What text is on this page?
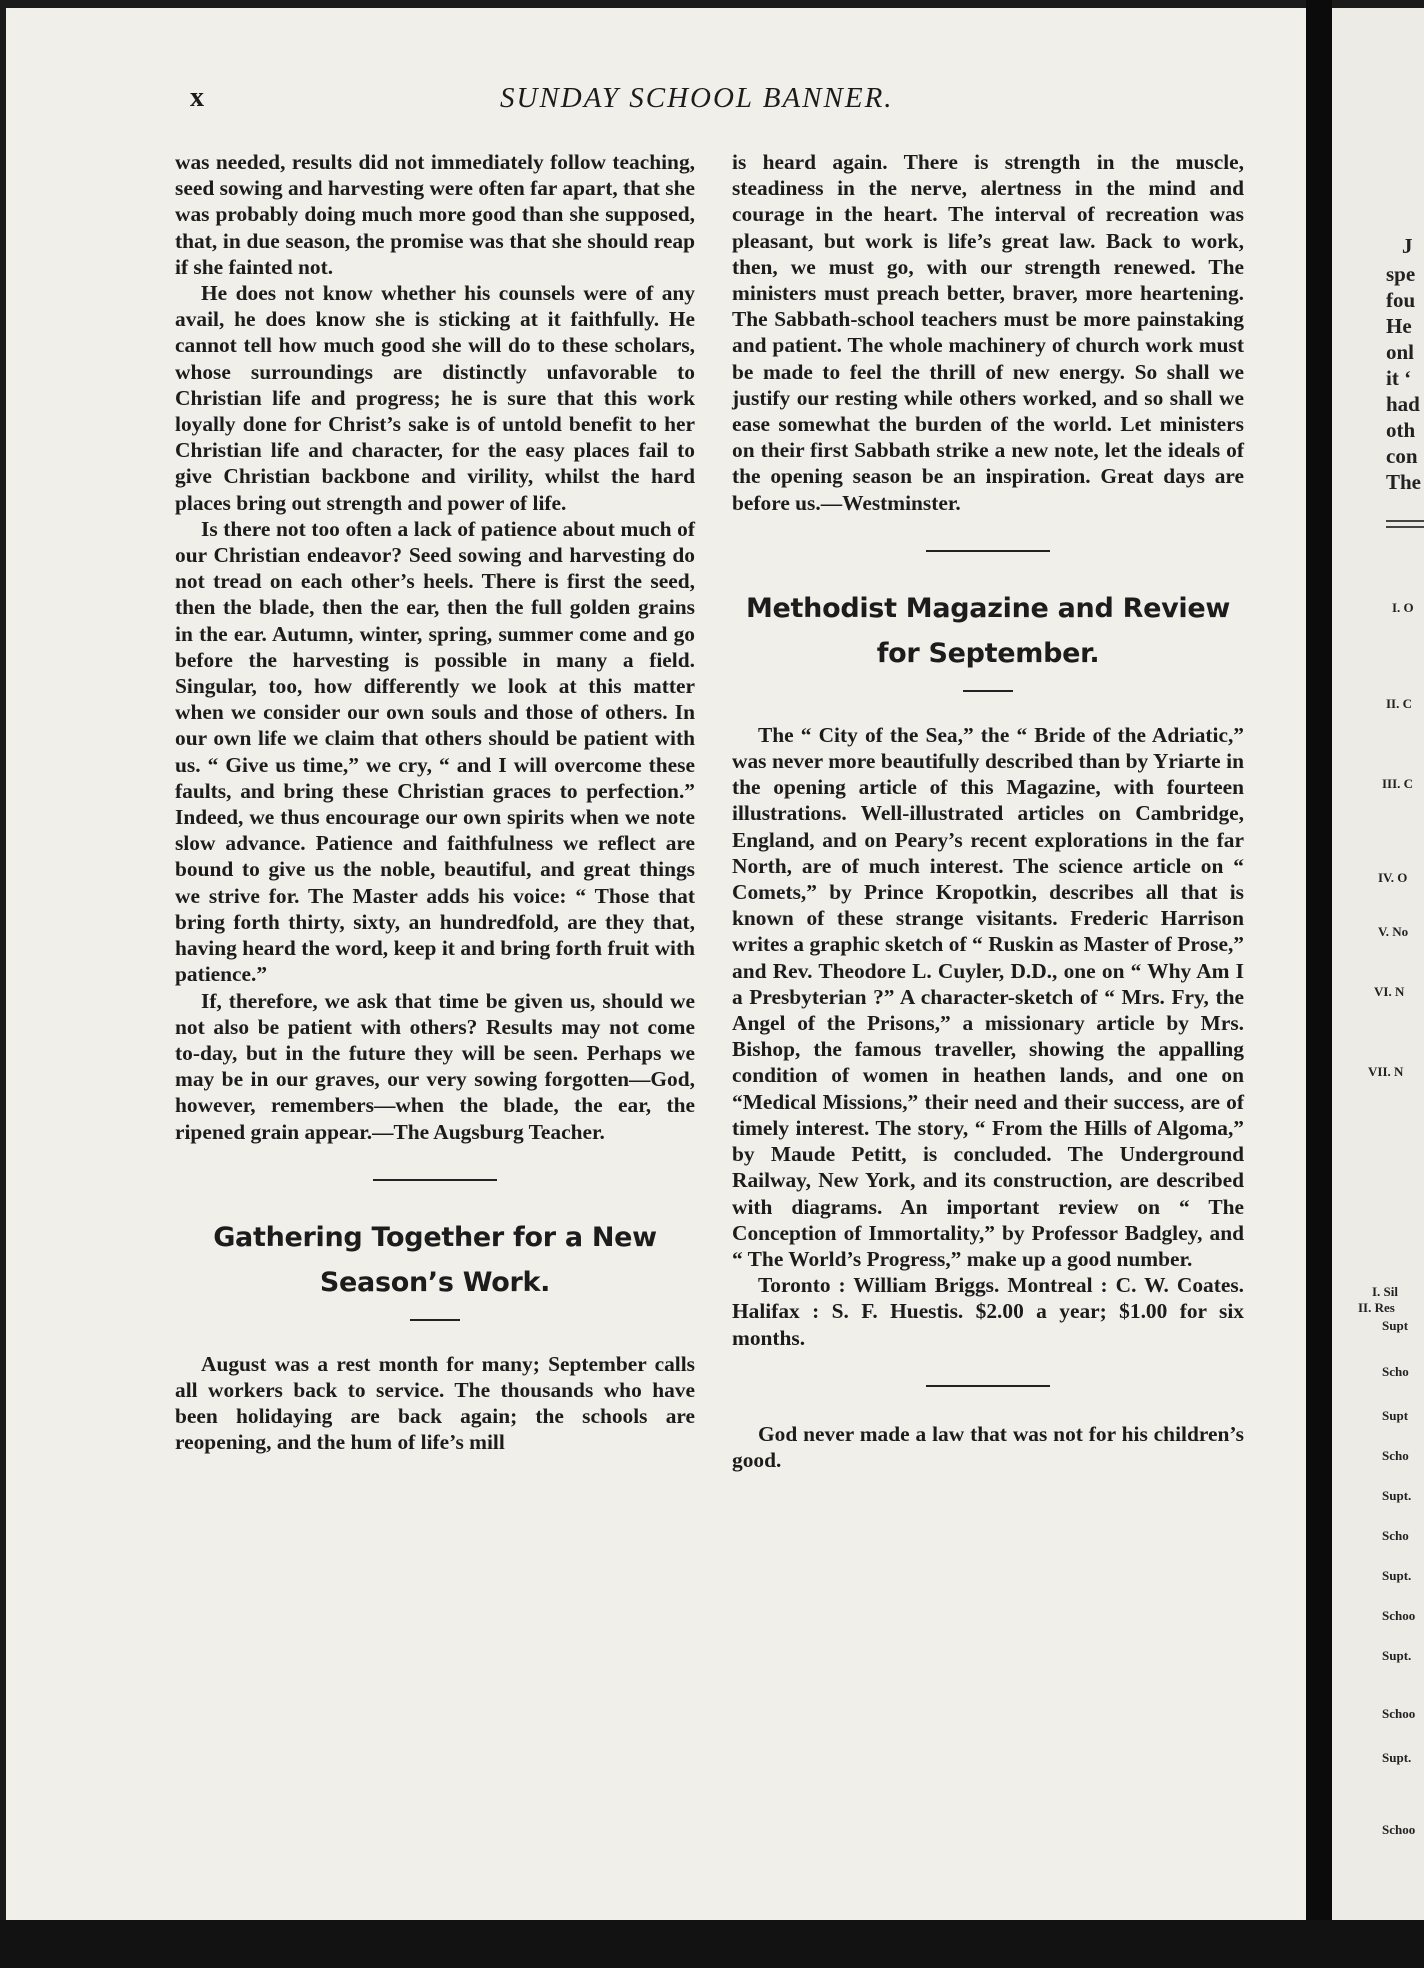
x	SUNDAY SCHOOL BANNER.

was needed, results did not immediately follow teaching, seed sowing and harvesting were often far apart, that she was probably doing much more good than she supposed, that, in due season, the promise was that she should reap if she fainted not.

He does not know whether his counsels were of any avail, he does know she is sticking at it faithfully. He cannot tell how much good she will do to these scholars, whose surroundings are distinctly unfavorable to Christian life and progress; he is sure that this work loyally done for Christ’s sake is of untold benefit to her Christian life and character, for the easy places fail to give Christian backbone and virility, whilst the hard places bring out strength and power of life.

Is there not too often a lack of patience about much of our Christian endeavor? Seed sowing and harvesting do not tread on each other’s heels. There is first the seed, then the blade, then the ear, then the full golden grains in the ear. Autumn, winter, spring, summer come and go before the harvesting is possible in many a field. Singular, too, how differently we look at this matter when we consider our own souls and those of others. In our own life we claim that others should be patient with us. “ Give us time,” we cry, “ and I will overcome these faults, and bring these Christian graces to perfection.” Indeed, we thus encourage our own spirits when we note slow advance. Patience and faithfulness we reflect are bound to give us the noble, beautiful, and great things we strive for. The Master adds his voice: “ Those that bring forth thirty, sixty, an hundredfold, are they that, having heard the word, keep it and bring forth fruit with patience.”

If, therefore, we ask that time be given us, should we not also be patient with others? Results may not come to-day, but in the future they will be seen. Perhaps we may be in our graves, our very sowing forgotten—God, however, remembers—when the blade, the ear, the ripened grain appear.—The Augsburg Teacher.

Gathering Together for a New
Season’s Work.

August was a rest month for many; September calls all workers back to service. The thousands who have been holidaying are back again; the schools are reopening, and the hum of life’s mill

is heard again. There is strength in the muscle, steadiness in the nerve, alertness in the mind and courage in the heart. The interval of recreation was pleasant, but work is life’s great law. Back to work, then, we must go, with our strength renewed. The ministers must preach better, braver, more heartening. The Sabbath-school teachers must be more painstaking and patient. The whole machinery of church work must be made to feel the thrill of new energy. So shall we justify our resting while others worked, and so shall we ease somewhat the burden of the world. Let ministers on their first Sabbath strike a new note, let the ideals of the opening season be an inspiration. Great days are before us.—Westminster.

Methodist Magazine and Review
for September.

The “ City of the Sea,” the “ Bride of the Adriatic,” was never more beautifully described than by Yriarte in the opening article of this Magazine, with fourteen illustrations. Well-illustrated articles on Cambridge, England, and on Peary’s recent explorations in the far North, are of much interest. The science article on “ Comets,” by Prince Kropotkin, describes all that is known of these strange visitants. Frederic Harrison writes a graphic sketch of “ Ruskin as Master of Prose,” and Rev. Theodore L. Cuyler, D.D., one on “ Why Am I a Presbyterian ?” A character-sketch of “ Mrs. Fry, the Angel of the Prisons,” a missionary article by Mrs. Bishop, the famous traveller, showing the appalling condition of women in heathen lands, and one on “Medical Missions,” their need and their success, are of timely interest. The story, “ From the Hills of Algoma,” by Maude Petitt, is concluded. The Underground Railway, New York, and its construction, are described with diagrams. An important review on “ The Conception of Immortality,” by Professor Badgley, and “ The World’s Progress,” make up a good number.

Toronto : William Briggs. Montreal : C. W. Coates. Halifax : S. F. Huestis. $2.00 a year; $1.00 for six months.

God never made a law that was not for his children’s good.

J
spe
fou
He
onl
it ‘
had
oth
con
The
I. O
II. C
III. C
IV. O
V. No
VI. N
VII. N
I. Sil
II. Res
Supt
Scho
Supt
Scho
Supt.
Scho
Supt.
Schoo
Supt.
Schoo
Supt.
Schoo
